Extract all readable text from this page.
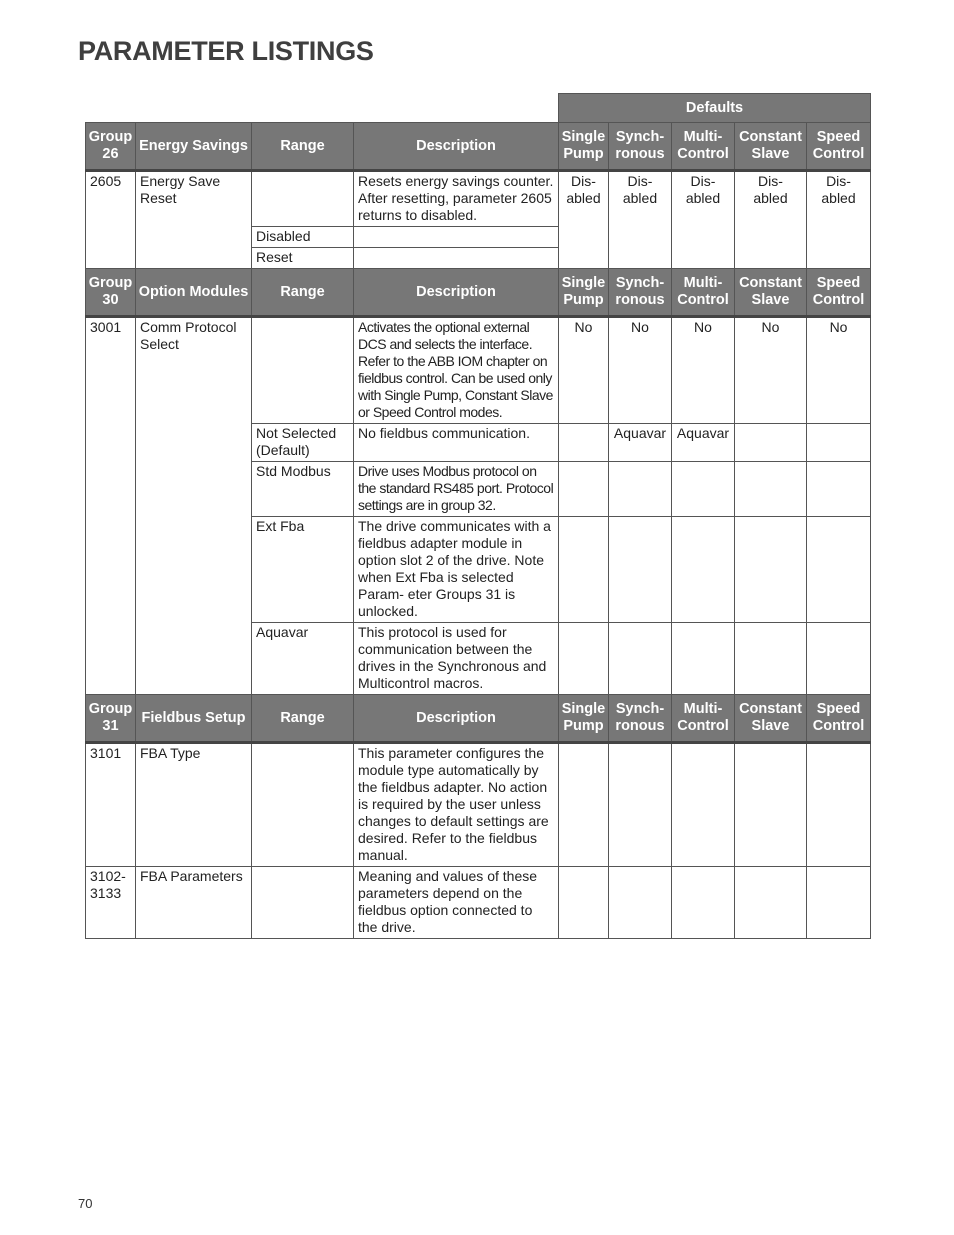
PARAMETER LISTINGS
				Defaults				
Group 26	Energy Savings	Range	Description	Single Pump	Synch- ronous	Multi- Control	Constant Slave	Speed Control
2605	Energy Save Reset		Resets energy savings counter. After resetting, parameter 2605 returns to disabled.	Dis- abled	Dis- abled	Dis- abled	Dis- abled	Dis- abled
		Disabled						
		Reset						
Group 30	Option Modules	Range	Description	Single Pump	Synch- ronous	Multi- Control	Constant Slave	Speed Control
3001	Comm Protocol Select		Activates the optional external DCS and selects the interface. Refer to the ABB IOM chapter on fieldbus control. Can be used only with Single Pump, Constant Slave or Speed Control modes.	No	No	No	No	No
		Not Selected (Default)	No fieldbus communication.		Aquavar	Aquavar		
		Std Modbus	Drive uses Modbus protocol on the standard RS485 port. Protocol settings are in group 32.					
		Ext Fba	The drive communicates with a fieldbus adapter module in option slot 2 of the drive. Note when Ext Fba is selected Param- eter Groups 31 is unlocked.					
		Aquavar	This protocol is used for communication between the drives in the Synchronous and Multicontrol macros.					
Group 31	Fieldbus Setup	Range	Description	Single Pump	Synch- ronous	Multi- Control	Constant Slave	Speed Control
3101	FBA Type		This parameter configures the module type automatically by the fieldbus adapter. No action is required by the user unless changes to default settings are desired. Refer to the fieldbus manual.					
3102- 3133	FBA Parameters		Meaning and values of these parameters depend on the fieldbus option connected to the drive.					
70
